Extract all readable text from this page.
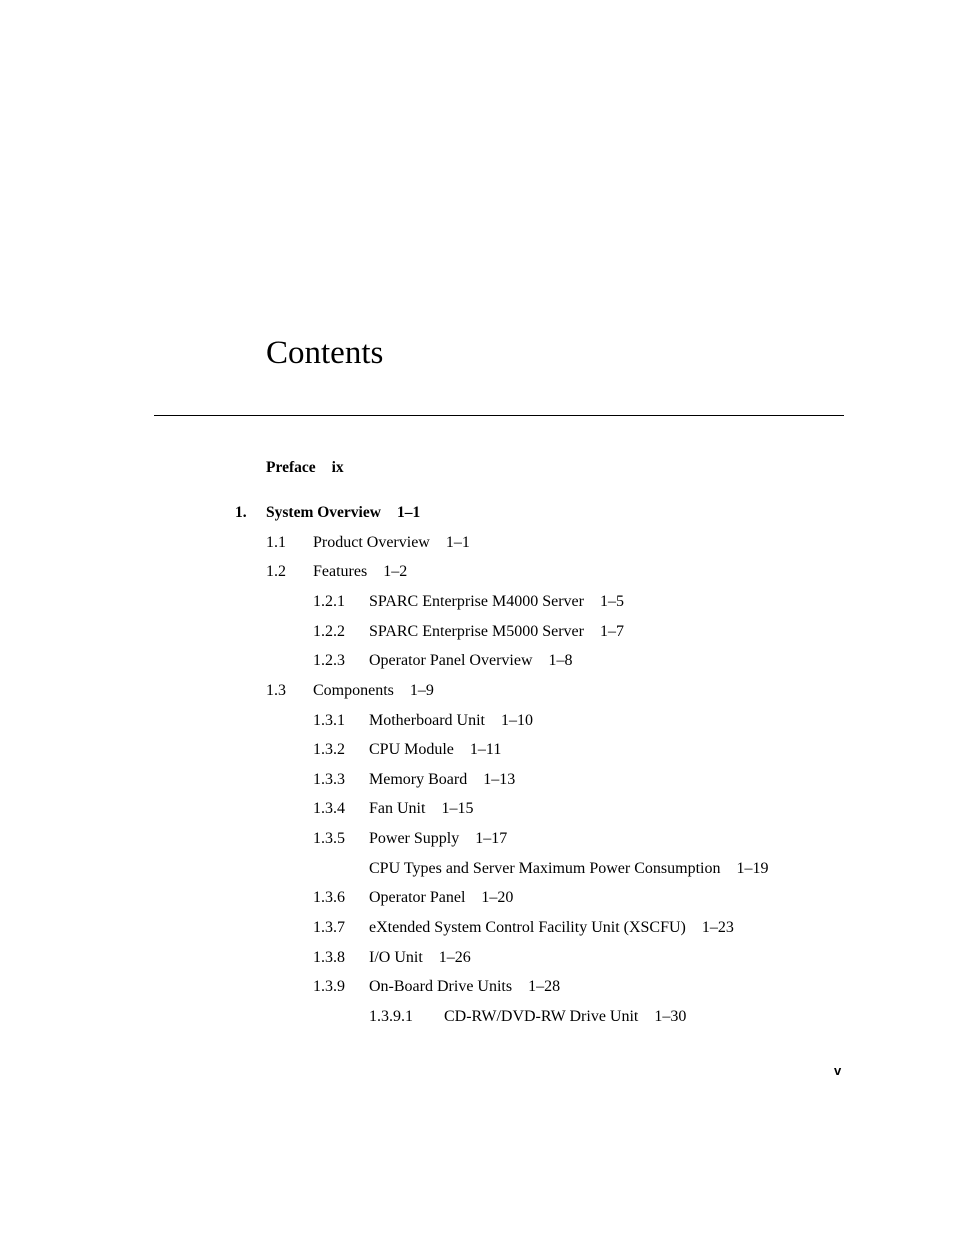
Contents
Preface ix
1. System Overview 1–1
1.1 Product Overview 1–1
1.2 Features 1–2
1.2.1 SPARC Enterprise M4000 Server 1–5
1.2.2 SPARC Enterprise M5000 Server 1–7
1.2.3 Operator Panel Overview 1–8
1.3 Components 1–9
1.3.1 Motherboard Unit 1–10
1.3.2 CPU Module 1–11
1.3.3 Memory Board 1–13
1.3.4 Fan Unit 1–15
1.3.5 Power Supply 1–17
CPU Types and Server Maximum Power Consumption 1–19
1.3.6 Operator Panel 1–20
1.3.7 eXtended System Control Facility Unit (XSCFU) 1–23
1.3.8 I/O Unit 1–26
1.3.9 On-Board Drive Units 1–28
1.3.9.1 CD-RW/DVD-RW Drive Unit 1–30
v
